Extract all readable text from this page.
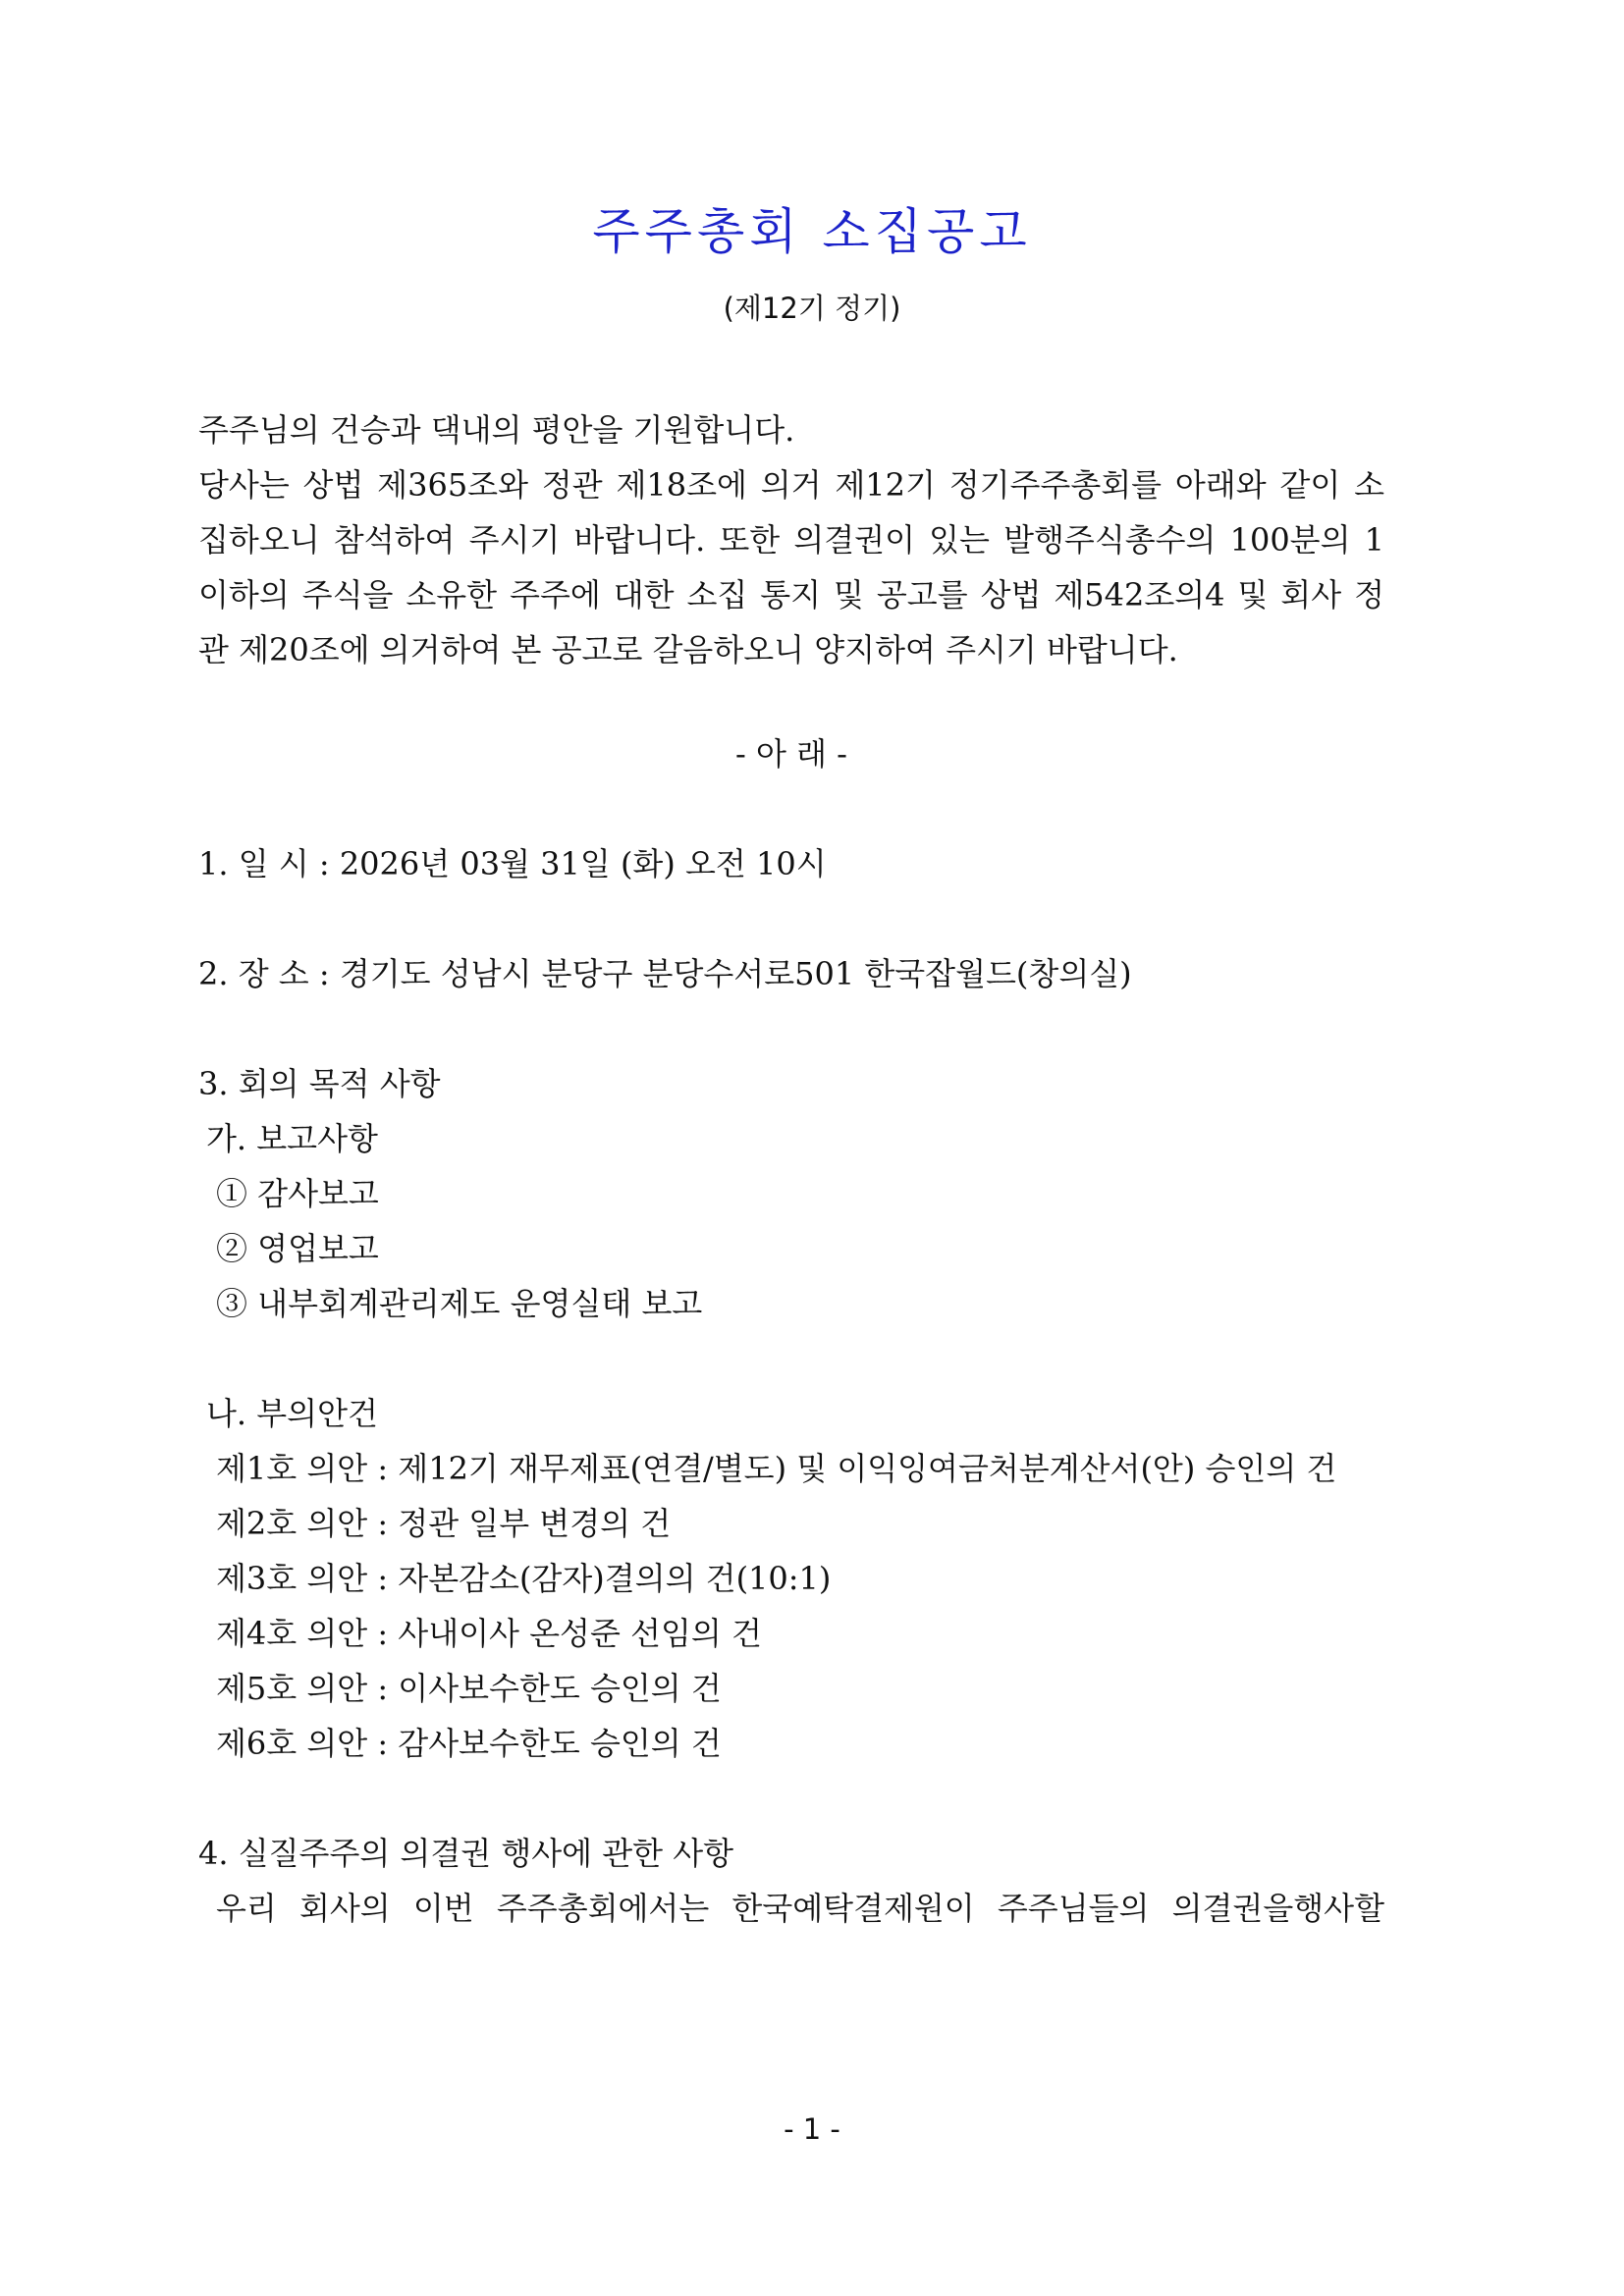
주주총회 소집공고
(제12기 정기)
주주님의 건승과 댁내의 평안을 기원합니다.
당사는 상법 제365조와 정관 제18조에 의거 제12기 정기주주총회를 아래와 같이 소
집하오니 참석하여 주시기 바랍니다. 또한 의결권이 있는 발행주식총수의 100분의 1
이하의 주식을 소유한 주주에 대한 소집 통지 및 공고를 상법 제542조의4 및 회사 정
관 제20조에 의거하여 본 공고로 갈음하오니 양지하여 주시기 바랍니다.
- 아 래 -
1. 일 시 : 2026년 03월 31일 (화) 오전 10시
2. 장 소 : 경기도 성남시 분당구 분당수서로501 한국잡월드(창의실)
3. 회의 목적 사항
가. 보고사항
① 감사보고
② 영업보고
③ 내부회계관리제도 운영실태 보고
나. 부의안건
제1호 의안 : 제12기 재무제표(연결/별도) 및 이익잉여금처분계산서(안) 승인의 건
제2호 의안 : 정관 일부 변경의 건
제3호 의안 : 자본감소(감자)결의의 건(10:1)
제4호 의안 : 사내이사 온성준 선임의 건
제5호 의안 : 이사보수한도 승인의 건
제6호 의안 : 감사보수한도 승인의 건
4. 실질주주의 의결권 행사에 관한 사항
우리 회사의 이번 주주총회에서는 한국예탁결제원이 주주님들의 의결권을행사할
- 1 -
